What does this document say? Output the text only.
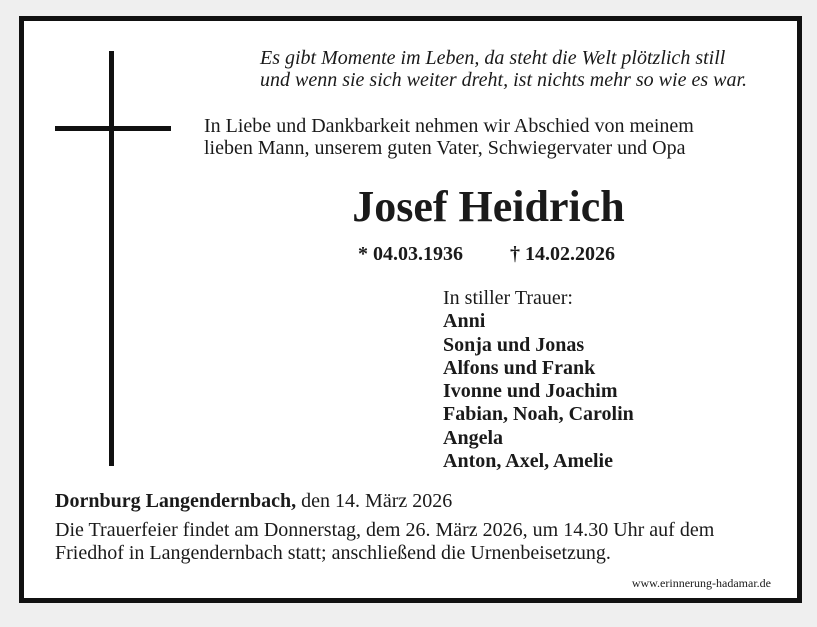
Es gibt Momente im Leben, da steht die Welt plötzlich still
und wenn sie sich weiter dreht, ist nichts mehr so wie es war.
In Liebe und Dankbarkeit nehmen wir Abschied von meinem
lieben Mann, unserem guten Vater, Schwiegervater und Opa
Josef Heidrich
* 04.03.1936 † 14.02.2026
In stiller Trauer:
Anni
Sonja und Jonas
Alfons und Frank
Ivonne und Joachim
Fabian, Noah, Carolin
Angela
Anton, Axel, Amelie
Dornburg Langendernbach, den 14. März 2026
Die Trauerfeier findet am Donnerstag, dem 26. März 2026, um 14.30 Uhr auf dem
Friedhof in Langendernbach statt; anschließend die Urnenbeisetzung.
www.erinnerung-hadamar.de
